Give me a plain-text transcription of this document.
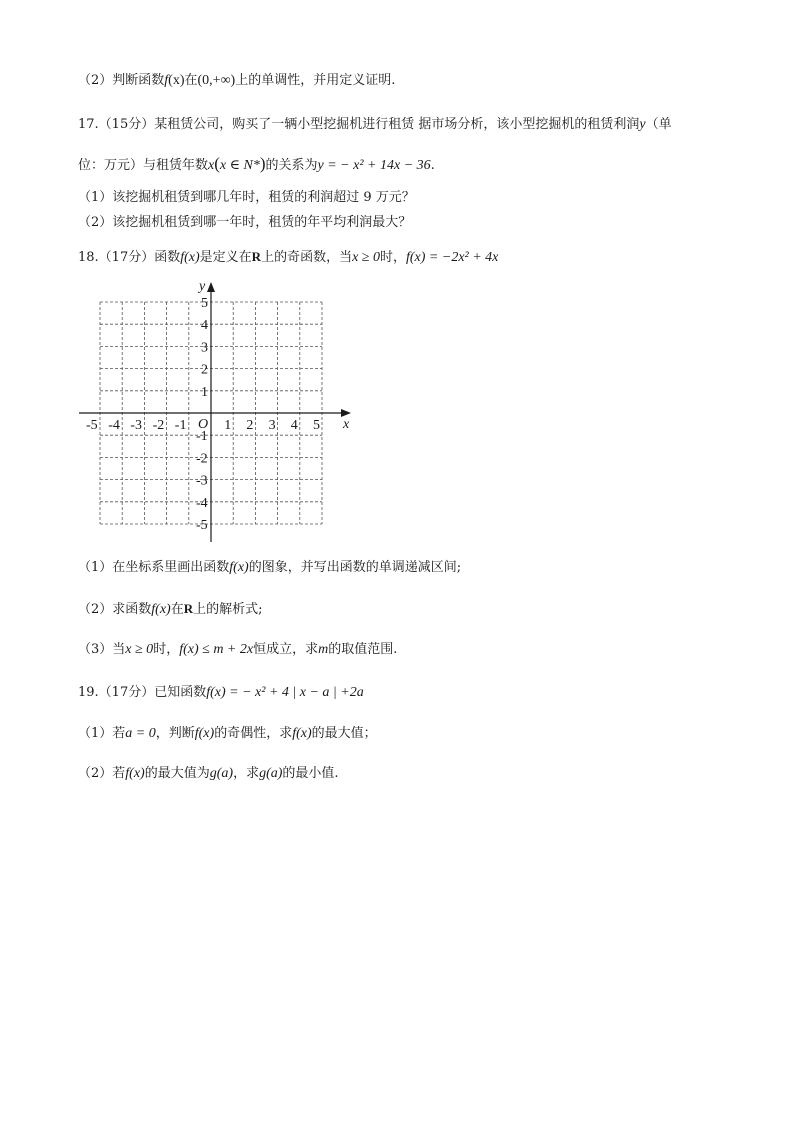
（2）判断函数f(x)在(0,+∞)上的单调性，并用定义证明.
17.（15分）某租赁公司，购买了一辆小型挖掘机进行租赁 据市场分析，该小型挖掘机的租赁利润y（单
位：万元）与租赁年数x(x ∈ N*)的关系为y = − x² + 14x − 36.
（1）该挖掘机租赁到哪几年时，租赁的利润超过 9 万元？
（2）该挖掘机租赁到哪一年时，租赁的年平均利润最大？
18.（17分）函数f(x)是定义在R上的奇函数，当x ≥ 0时，f(x) = −2x² + 4x
x
y
O
-5 -4 -3 -2 -1	1 2 3 4 5
5
4
3
2
1
-1
-2
-3
-4
-5
（1）在坐标系里画出函数f(x)的图象，并写出函数的单调递减区间;
（2）求函数f(x)在R上的解析式;
（3）当x ≥ 0时，f(x) ≤ m + 2x恒成立，求m的取值范围.
19.（17分）已知函数f(x) = − x² + 4 | x − a | +2a
（1）若a = 0，判断f(x)的奇偶性，求f(x)的最大值；
（2）若f(x)的最大值为g(a)，求g(a)的最小值.
